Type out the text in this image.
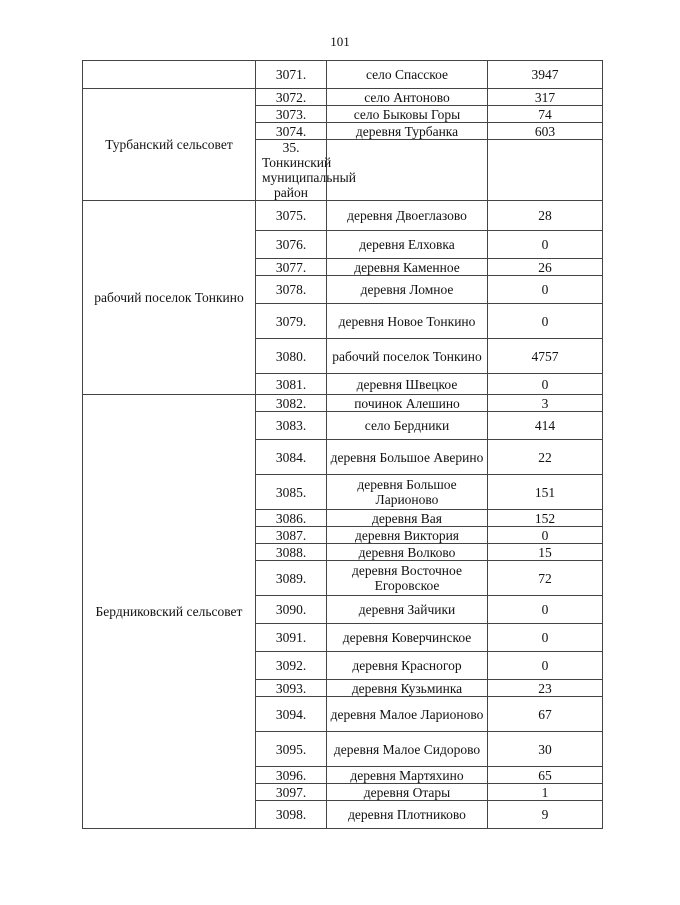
101
	3071.	село Спасское	3947	
Турбанский сельсовет	3072.	село Антоново	317	
	3073.	село Быковы Горы	74	
	3074.	деревня Турбанка	603	
	35. Тонкинский муниципальный район			
рабочий поселок Тонкино	3075.	деревня Двоеглазово	28	
	3076.	деревня Елховка	0	
	3077.	деревня Каменное	26	
	3078.	деревня Ломное	0	
	3079.	деревня Новое Тонкино	0	
	3080.	рабочий поселок Тонкино	4757	
	3081.	деревня Швецкое	0	
Бердниковский сельсовет	3082.	починок Алешино	3	
	3083.	село Бердники	414	
	3084.	деревня Большое Аверино	22	
	3085.	деревня Большое Ларионово	151	
	3086.	деревня Вая	152	
	3087.	деревня Виктория	0	
	3088.	деревня Волково	15	
	3089.	деревня Восточное Егоровское	72	
	3090.	деревня Зайчики	0	
	3091.	деревня Коверчинское	0	
	3092.	деревня Красногор	0	
	3093.	деревня Кузьминка	23	
	3094.	деревня Малое Ларионово	67	
	3095.	деревня Малое Сидорово	30	
	3096.	деревня Мартяхино	65	
	3097.	деревня Отары	1	
	3098.	деревня Плотниково	9	
